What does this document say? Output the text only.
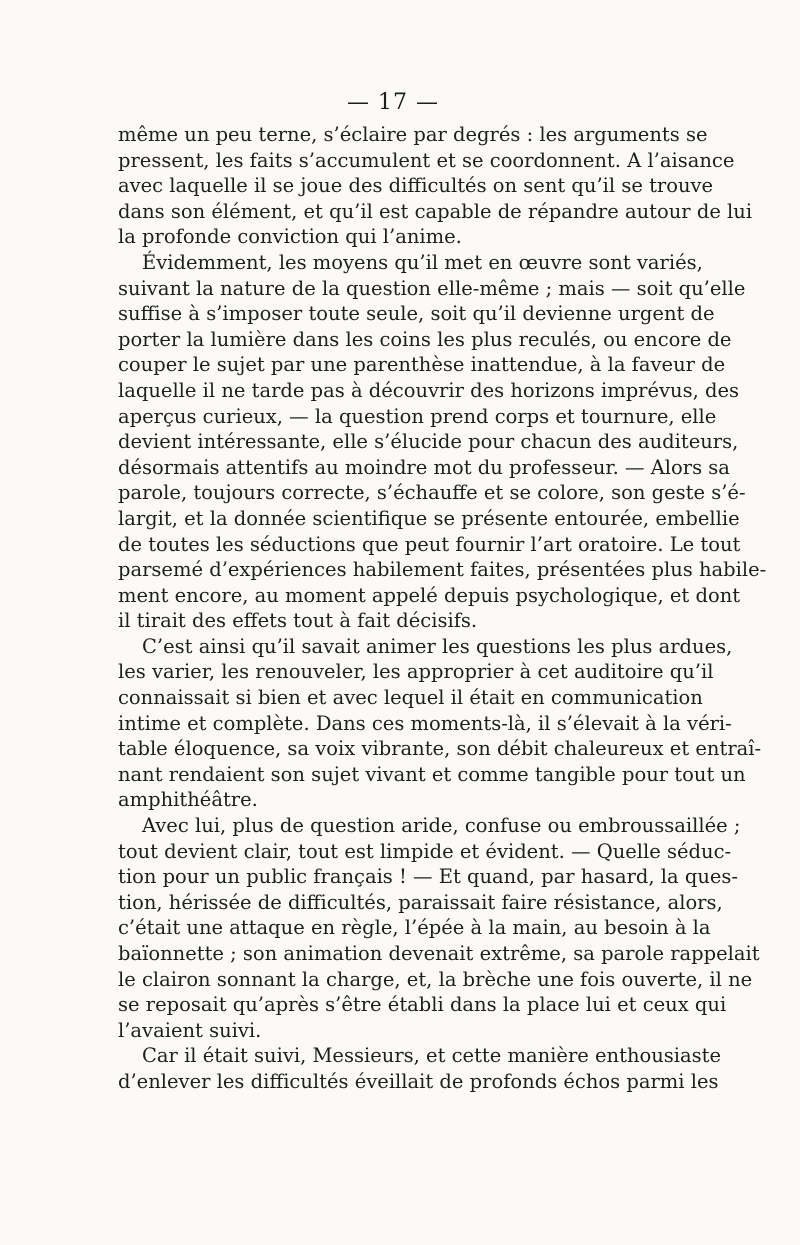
— 17 —
même un peu terne, s’éclaire par degrés : les arguments se
pressent, les faits s’accumulent et se coordonnent. A l’aisance
avec laquelle il se joue des difficultés on sent qu’il se trouve
dans son élément, et qu’il est capable de répandre autour de lui
la profonde conviction qui l’anime.
Évidemment, les moyens qu’il met en œuvre sont variés,
suivant la nature de la question elle-même ; mais — soit qu’elle
suffise à s’imposer toute seule, soit qu’il devienne urgent de
porter la lumière dans les coins les plus reculés, ou encore de
couper le sujet par une parenthèse inattendue, à la faveur de
laquelle il ne tarde pas à découvrir des horizons imprévus, des
aperçus curieux, — la question prend corps et tournure, elle
devient intéressante, elle s’élucide pour chacun des auditeurs,
désormais attentifs au moindre mot du professeur. — Alors sa
parole, toujours correcte, s’échauffe et se colore, son geste s’é-
largit, et la donnée scientifique se présente entourée, embellie
de toutes les séductions que peut fournir l’art oratoire. Le tout
parsemé d’expériences habilement faites, présentées plus habile-
ment encore, au moment appelé depuis psychologique, et dont
il tirait des effets tout à fait décisifs.
C’est ainsi qu’il savait animer les questions les plus ardues,
les varier, les renouveler, les approprier à cet auditoire qu’il
connaissait si bien et avec lequel il était en communication
intime et complète. Dans ces moments-là, il s’élevait à la véri-
table éloquence, sa voix vibrante, son débit chaleureux et entraî-
nant rendaient son sujet vivant et comme tangible pour tout un
amphithéâtre.
Avec lui, plus de question aride, confuse ou embroussaillée ;
tout devient clair, tout est limpide et évident. — Quelle séduc-
tion pour un public français ! — Et quand, par hasard, la ques-
tion, hérissée de difficultés, paraissait faire résistance, alors,
c’était une attaque en règle, l’épée à la main, au besoin à la
baïonnette ; son animation devenait extrême, sa parole rappelait
le clairon sonnant la charge, et, la brèche une fois ouverte, il ne
se reposait qu’après s’être établi dans la place lui et ceux qui
l’avaient suivi.
Car il était suivi, Messieurs, et cette manière enthousiaste
d’enlever les difficultés éveillait de profonds échos parmi les
